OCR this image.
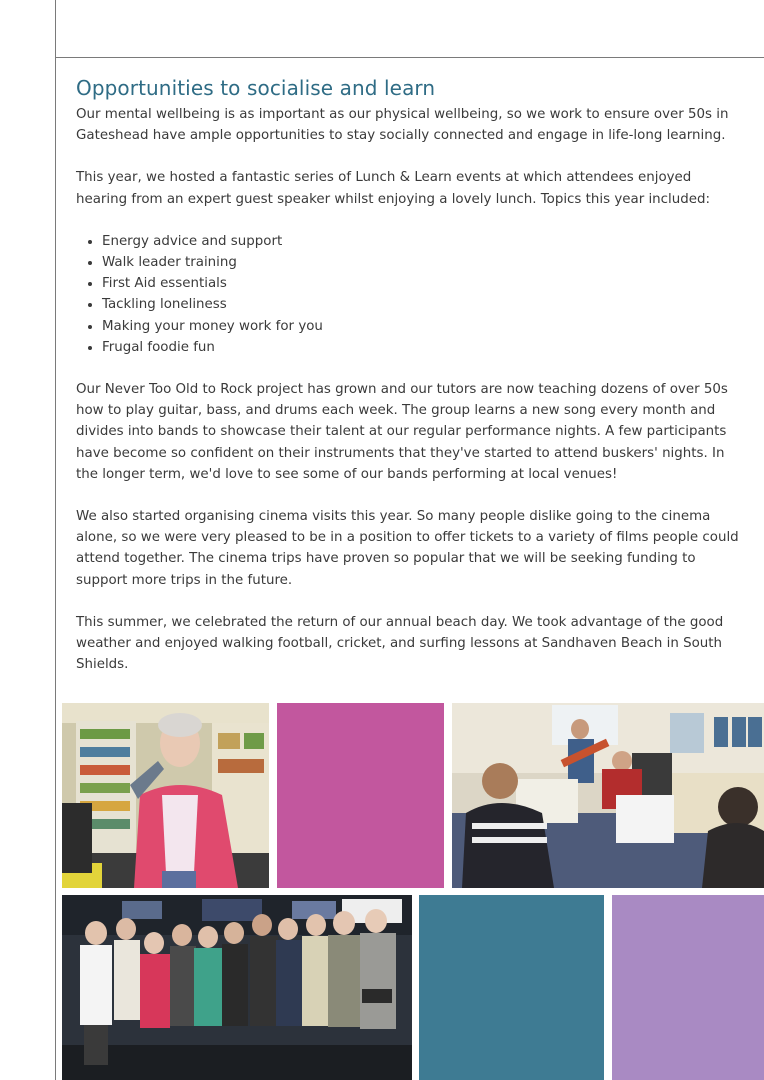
Opportunities to socialise and learn

Our mental wellbeing is as important as our physical wellbeing, so we work to ensure over 50s in Gateshead have ample opportunities to stay socially connected and engage in life-long learning.

This year, we hosted a fantastic series of Lunch & Learn events at which attendees enjoyed hearing from an expert guest speaker whilst enjoying a lovely lunch. Topics this year included:

• Energy advice and support
• Walk leader training
• First Aid essentials
• Tackling loneliness
• Making your money work for you
• Frugal foodie fun

Our Never Too Old to Rock project has grown and our tutors are now teaching dozens of over 50s how to play guitar, bass, and drums each week. The group learns a new song every month and divides into bands to showcase their talent at our regular performance nights. A few participants have become so confident on their instruments that they've started to attend buskers' nights. In the longer term, we'd love to see some of our bands performing at local venues!

We also started organising cinema visits this year. So many people dislike going to the cinema alone, so we were very pleased to be in a position to offer tickets to a variety of films people could attend together. The cinema trips have proven so popular that we will be seeking funding to support more trips in the future.

This summer, we celebrated the return of our annual beach day. We took advantage of the good weather and enjoyed walking football, cricket, and surfing lessons at Sandhaven Beach in South Shields.
